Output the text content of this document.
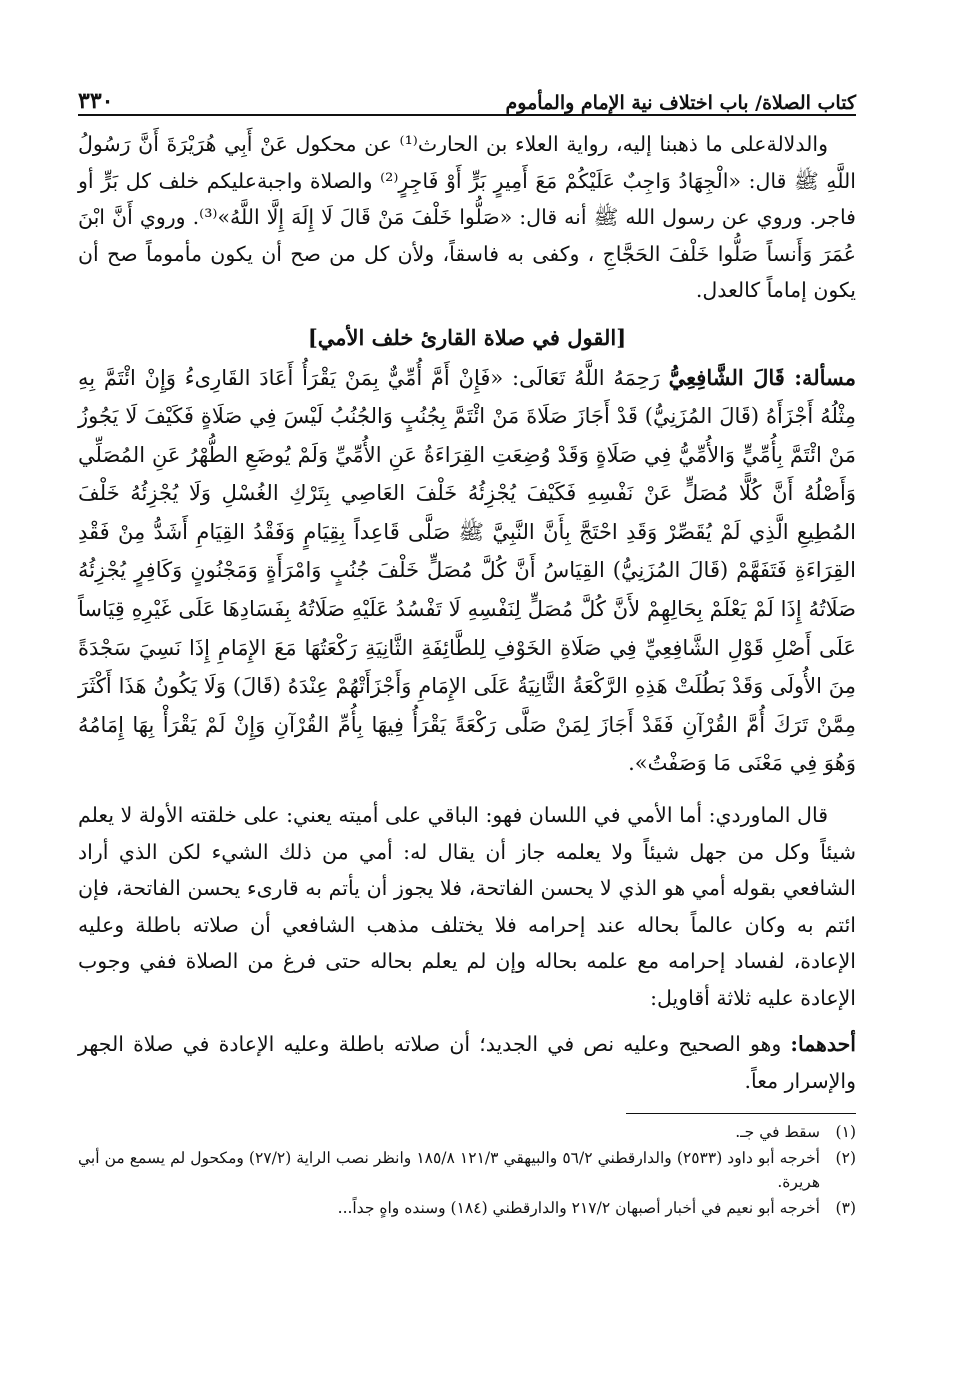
كتاب الصلاة/ باب اختلاف نية الإمام والمأموم
٣٣٠

والدلالةعلى ما ذهبنا إليه، رواية العلاء بن الحارث⁽¹⁾ عن محكول عَنْ أَبِي هُرَيْرَةَ أَنَّ رَسُولُ اللَّهِ ﷺ قال: «الْجِهَادُ وَاجِبٌ عَلَيْكُمْ مَعَ أَمِيرٍ بَرٍّ أَوْ فَاجِرٍ⁽²⁾ والصلاة واجبةعليكم خلف كل بَرٍّ أو فاجر. وروي عن رسول الله ﷺ أنه قال: «صَلُّوا خَلْفَ مَنْ قَالَ لَا إِلَهَ إِلَّا اللَّهُ»⁽³⁾. وروي أَنَّ ابْنَ عُمَرَ وَأَنساً صَلُّوا خَلْفَ الحَجَّاجِ ، وكفى به فاسقاً، ولأن كل من صح أن يكون مأموماً صح أن يكون إماماً كالعدل.

[القول في صلاة القارئ خلف الأمي]

مسألة: قَالَ الشَّافِعِيُّ رَحِمَهُ اللَّهُ تَعَالَى: «فَإِنْ أَمَّ أُمِّيٌّ بِمَنْ يَقْرَأُ أَعَادَ القَارِىءُ وَإِنْ ائْتَمَّ بِهِ مِثْلُهُ أَجْزَأَهُ (قَالَ المُزَنِيُّ) قَدْ أَجَازَ صَلَاةَ مَنْ ائْتَمَّ بِجُنُبٍ وَالجُنُبُ لَيْسَ فِي صَلَاةٍ فَكَيْفَ لَا يَجُوزُ مَنْ ائْتَمَّ بِأُمِّيٍّ وَالأُمِّيُّ فِي صَلَاةٍ وَقَدْ وُضِعَتِ القِرَاءَةُ عَنِ الأُمِّيِّ وَلَمْ يُوضَعِ الطُّهْرُ عَنِ المُصَلِّي وَأَصْلُهُ أَنَّ كُلًّا مُصَلٍّ عَنْ نَفْسِهِ فَكَيْفَ يُجْزِئُهُ خَلْفَ العَاصِي بِتَرْكِ الغُسْلِ وَلَا يُجْزِئُهُ خَلْفَ المُطِيعِ الَّذِي لَمْ يُقَصِّرْ وَقَدِ احْتَجَّ بِأَنَّ النَّبِيَّ ﷺ صَلَّى قَاعِداً بِقِيَامٍ وَفَقْدُ القِيَامِ أَشَدُّ مِنْ فَقْدِ القِرَاءَةِ فَتَفَهَّمْ (قَالَ المُزَنِيُّ) القِيَاسُ أَنَّ كُلَّ مُصَلٍّ خَلْفَ جُنُبٍ وَامْرَأَةٍ وَمَجْنُونٍ وَكَافِرٍ يُجْزِئُهُ صَلَاتُهُ إِذَا لَمْ يَعْلَمْ بِحَالِهِمْ لأَنَّ كُلَّ مُصَلٍّ لِنَفْسِهِ لَا تَفْسُدُ عَلَيْهِ صَلَاتُهُ بِفَسَادِهَا عَلَى غَيْرِهِ قِيَاساً عَلَى أَصْلِ قَوْلِ الشَّافِعِيِّ فِي صَلَاةِ الخَوْفِ لِلطَّائِفَةِ الثَّانِيَةِ رَكْعَتُهَا مَعَ الإِمَامِ إِذَا نَسِيَ سَجْدَةً مِنَ الأُولَى وَقَدْ بَطُلَتْ هَذِهِ الرَّكْعَةُ الثَّانِيَةُ عَلَى الإِمَامِ وَأَجْزَأَتْهُمْ عِنْدَهُ (قَالَ) وَلَا يَكُونُ هَذَا أَكْثَرَ مِمَّنْ تَرَكَ أُمَّ القُرْآنِ فَقَدْ أَجَازَ لِمَنْ صَلَّى رَكْعَةً يَقْرَأُ فِيهَا بِأُمِّ القُرْآنِ وَإِنْ لَمْ يَقْرَأْ بِهَا إِمَامُهُ وَهُوَ فِي مَعْنَى مَا وَصَفْتُ».

قال الماوردي: أما الأمي في اللسان فهو: الباقي على أميته يعني: على خلقته الأولة لا يعلم شيئاً وكل من جهل شيئاً ولا يعلمه جاز أن يقال له: أمي من ذلك الشيء لكن الذي أراد الشافعي بقوله أمي هو الذي لا يحسن الفاتحة، فلا يجوز أن يأتم به قارىء يحسن الفاتحة، فإن ائتم به وكان عالماً بحاله عند إحرامه فلا يختلف مذهب الشافعي أن صلاته باطلة وعليه الإعادة، لفساد إحرامه مع علمه بحاله وإن لم يعلم بحاله حتى فرغ من الصلاة ففي وجوب الإعادة عليه ثلاثة أقاويل:

أحدهما: وهو الصحيح وعليه نص في الجديد؛ أن صلاته باطلة وعليه الإعادة في صلاة الجهر والإسرار معاً.

(١)
سقط في جـ.
(٢)
أخرجه أبو داود (٢٥٣٣) والدارقطني ٥٦/٢ والبيهقي ١٢١/٣ ١٨٥/٨ وانظر نصب الراية (٢٧/٢) ومكحول لم يسمع من أبي هريرة.
(٣)
أخرجه أبو نعيم في أخبار أصبهان ٢١٧/٢ والدارقطني (١٨٤) وسنده واهٍ جداً...
